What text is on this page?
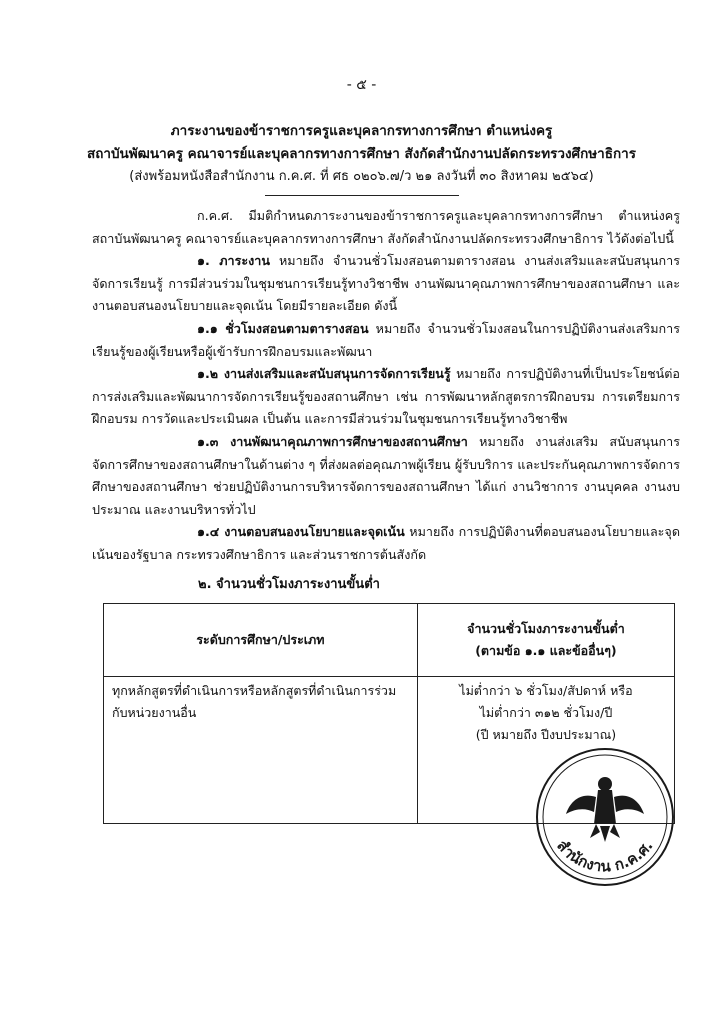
- ๕ -
ภาระงานของข้าราชการครูและบุคลากรทางการศึกษา ตำแหน่งครู
สถาบันพัฒนาครู คณาจารย์และบุคลากรทางการศึกษา สังกัดสำนักงานปลัดกระทรวงศึกษาธิการ
(ส่งพร้อมหนังสือสำนักงาน ก.ค.ศ. ที่ ศธ ๐๒๐๖.๗/ว ๒๑ ลงวันที่ ๓๐ สิงหาคม ๒๕๖๔)

ก.ค.ศ. มีมติกำหนดภาระงานของข้าราชการครูและบุคลากรทางการศึกษา ตำแหน่งครู สถาบันพัฒนาครู คณาจารย์และบุคลากรทางการศึกษา สังกัดสำนักงานปลัดกระทรวงศึกษาธิการ ไว้ดังต่อไปนี้

๑. ภาระงาน หมายถึง จำนวนชั่วโมงสอนตามตารางสอน งานส่งเสริมและสนับสนุนการจัดการเรียนรู้ การมีส่วนร่วมในชุมชนการเรียนรู้ทางวิชาชีพ งานพัฒนาคุณภาพการศึกษาของสถานศึกษา และงานตอบสนองนโยบายและจุดเน้น โดยมีรายละเอียด ดังนี้

๑.๑ ชั่วโมงสอนตามตารางสอน หมายถึง จำนวนชั่วโมงสอนในการปฏิบัติงานส่งเสริมการเรียนรู้ของผู้เรียนหรือผู้เข้ารับการฝึกอบรมและพัฒนา

๑.๒ งานส่งเสริมและสนับสนุนการจัดการเรียนรู้ หมายถึง การปฏิบัติงานที่เป็นประโยชน์ต่อการส่งเสริมและพัฒนาการจัดการเรียนรู้ของสถานศึกษา เช่น การพัฒนาหลักสูตรการฝึกอบรม การเตรียมการฝึกอบรม การวัดและประเมินผล เป็นต้น และการมีส่วนร่วมในชุมชนการเรียนรู้ทางวิชาชีพ

๑.๓ งานพัฒนาคุณภาพการศึกษาของสถานศึกษา หมายถึง งานส่งเสริม สนับสนุนการจัดการศึกษาของสถานศึกษาในด้านต่าง ๆ ที่ส่งผลต่อคุณภาพผู้เรียน ผู้รับบริการ และประกันคุณภาพการจัดการศึกษาของสถานศึกษา ช่วยปฏิบัติงานการบริหารจัดการของสถานศึกษา ได้แก่ งานวิชาการ งานบุคคล งานงบประมาณ และงานบริหารทั่วไป

๑.๔ งานตอบสนองนโยบายและจุดเน้น หมายถึง การปฏิบัติงานที่ตอบสนองนโยบายและจุดเน้นของรัฐบาล กระทรวงศึกษาธิการ และส่วนราชการต้นสังกัด

๒. จำนวนชั่วโมงภาระงานขั้นต่ำ
ระดับการศึกษา/ประเภท	จำนวนชั่วโมงภาระงานขั้นต่ำ
(ตามข้อ ๑.๑ และข้ออื่นๆ)

ทุกหลักสูตรที่ดำเนินการหรือหลักสูตรที่ดำเนินการร่วมกับหน่วยงานอื่น	ไม่ต่ำกว่า ๖ ชั่วโมง/สัปดาห์ หรือ
ไม่ต่ำกว่า ๓๑๒ ชั่วโมง/ปี
(ปี หมายถึง ปีงบประมาณ)
สำนักงาน ก.ค.ศ.
